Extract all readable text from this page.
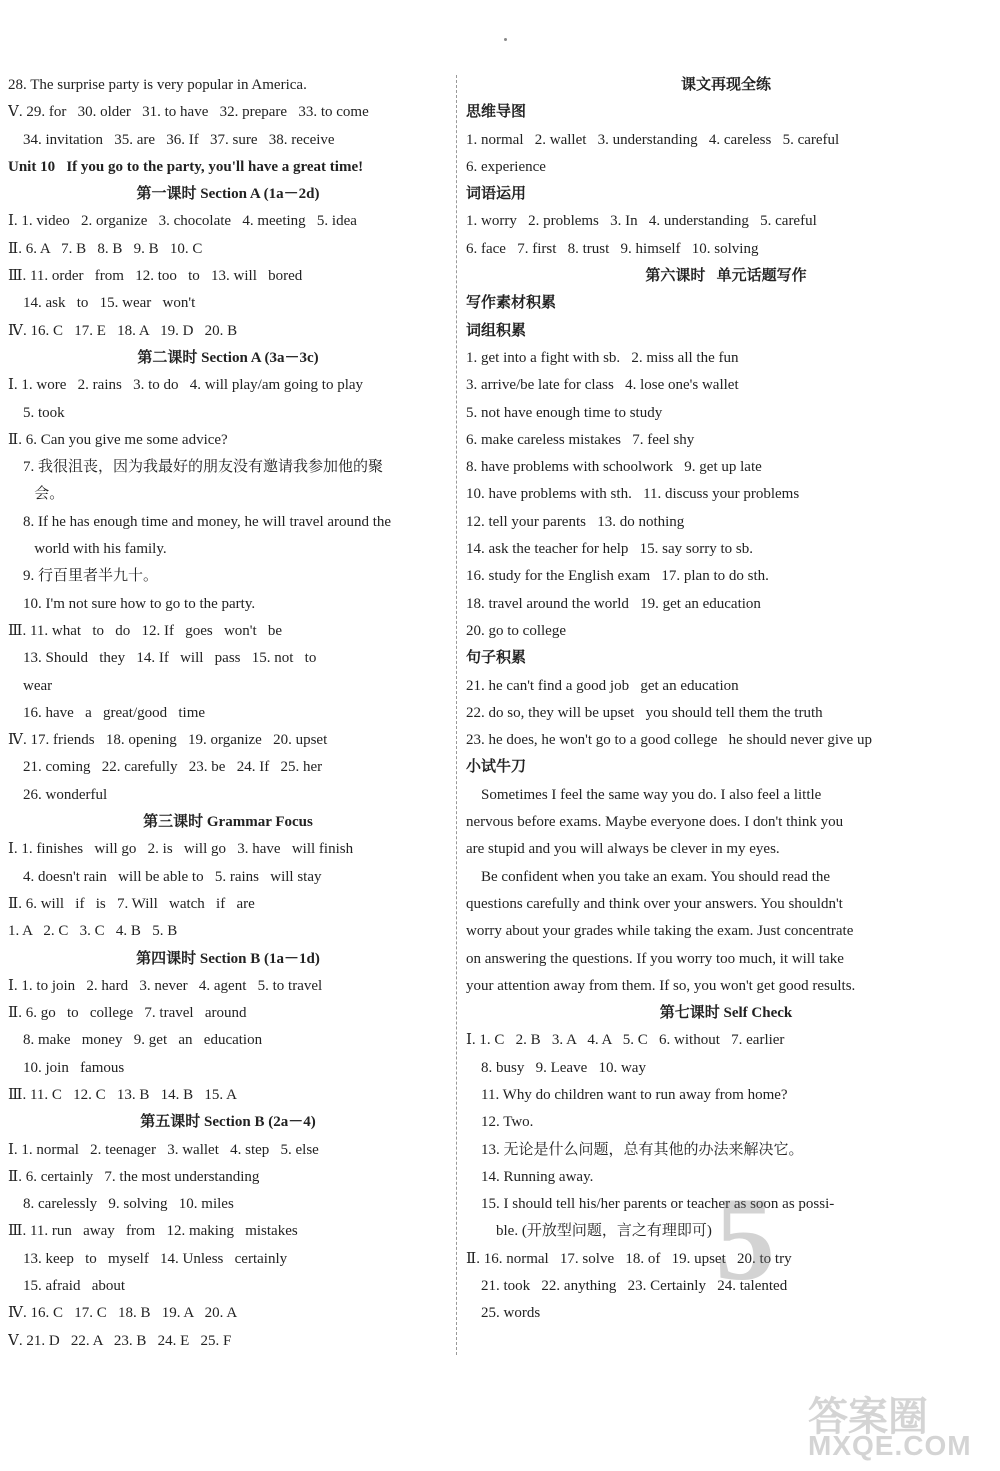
28. The surprise party is very popular in America.
Ⅴ. 29. for   30. older   31. to have   32. prepare   33. to come
34. invitation   35. are   36. If   37. sure   38. receive
Unit 10   If you go to the party, you'll have a great time!
第一课时 Section A (1a－2d)
Ⅰ. 1. video   2. organize   3. chocolate   4. meeting   5. idea
Ⅱ. 6. A   7. B   8. B   9. B   10. C
Ⅲ. 11. order   from   12. too   to   13. will   bored
14. ask   to   15. wear   won't
Ⅳ. 16. C   17. E   18. A   19. D   20. B
第二课时 Section A (3a－3c)
Ⅰ. 1. wore   2. rains   3. to do   4. will play/am going to play
5. took
Ⅱ. 6. Can you give me some advice?
7. 我很沮丧，因为我最好的朋友没有邀请我参加他的聚
会。
8. If he has enough time and money, he will travel around the
world with his family.
9. 行百里者半九十。
10. I'm not sure how to go to the party.
Ⅲ. 11. what   to   do   12. If   goes   won't   be
13. Should   they   14. If   will   pass   15. not   to
wear
16. have   a   great/good   time
Ⅳ. 17. friends   18. opening   19. organize   20. upset
21. coming   22. carefully   23. be   24. If   25. her
26. wonderful
第三课时 Grammar Focus
Ⅰ. 1. finishes   will go   2. is   will go   3. have   will finish
4. doesn't rain   will be able to   5. rains   will stay
Ⅱ. 6. will   if   is   7. Will   watch   if   are
1. A   2. C   3. C   4. B   5. B
第四课时 Section B (1a－1d)
Ⅰ. 1. to join   2. hard   3. never   4. agent   5. to travel
Ⅱ. 6. go   to   college   7. travel   around
8. make   money   9. get   an   education
10. join   famous
Ⅲ. 11. C   12. C   13. B   14. B   15. A
第五课时 Section B (2a－4)
Ⅰ. 1. normal   2. teenager   3. wallet   4. step   5. else
Ⅱ. 6. certainly   7. the most understanding
8. carelessly   9. solving   10. miles
Ⅲ. 11. run   away   from   12. making   mistakes
13. keep   to   myself   14. Unless   certainly
15. afraid   about
Ⅳ. 16. C   17. C   18. B   19. A   20. A
Ⅴ. 21. D   22. A   23. B   24. E   25. F
课文再现全练
思维导图
1. normal   2. wallet   3. understanding   4. careless   5. careful
6. experience
词语运用
1. worry   2. problems   3. In   4. understanding   5. careful
6. face   7. first   8. trust   9. himself   10. solving
第六课时   单元话题写作
写作素材积累
词组积累
1. get into a fight with sb.   2. miss all the fun
3. arrive/be late for class   4. lose one's wallet
5. not have enough time to study
6. make careless mistakes   7. feel shy
8. have problems with schoolwork   9. get up late
10. have problems with sth.   11. discuss your problems
12. tell your parents   13. do nothing
14. ask the teacher for help   15. say sorry to sb.
16. study for the English exam   17. plan to do sth.
18. travel around the world   19. get an education
20. go to college
句子积累
21. he can't find a good job   get an education
22. do so, they will be upset   you should tell them the truth
23. he does, he won't go to a good college   he should never give up
小试牛刀
Sometimes I feel the same way you do. I also feel a little
nervous before exams. Maybe everyone does. I don't think you
are stupid and you will always be clever in my eyes.
Be confident when you take an exam. You should read the
questions carefully and think over your answers. You shouldn't
worry about your grades while taking the exam. Just concentrate
on answering the questions. If you worry too much, it will take
your attention away from them. If so, you won't get good results.
第七课时 Self Check
Ⅰ. 1. C   2. B   3. A   4. A   5. C   6. without   7. earlier
8. busy   9. Leave   10. way
11. Why do children want to run away from home?
12. Two.
13. 无论是什么问题，总有其他的办法来解决它。
14. Running away.
15. I should tell his/her parents or teacher as soon as possi-
ble. (开放型问题，言之有理即可)
Ⅱ. 16. normal   17. solve   18. of   19. upset   20. to try
21. took   22. anything   23. Certainly   24. talented
25. words
5
答案圈
MXQE.COM
